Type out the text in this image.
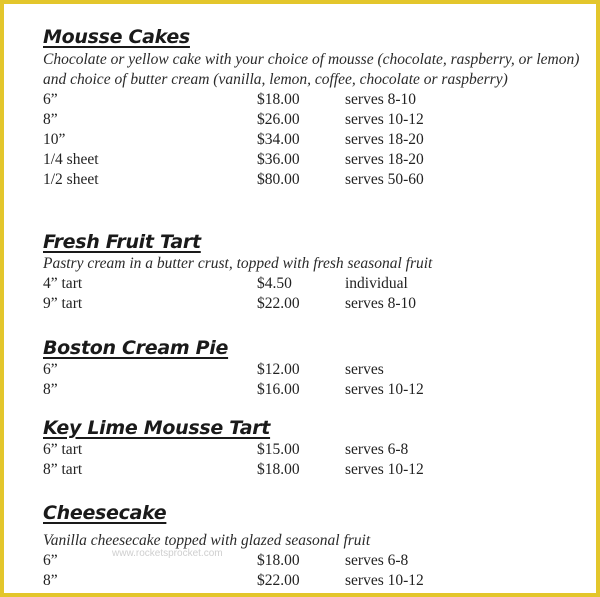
Mousse Cakes
Chocolate or yellow cake with your choice of mousse (chocolate, raspberry, or lemon) and choice of butter cream (vanilla, lemon, coffee, chocolate or raspberry)
6”	$18.00	serves 8-10
8”	$26.00	serves 10-12
10”	$34.00	serves 18-20
1/4 sheet	$36.00	serves 18-20
1/2 sheet	$80.00	serves 50-60
Fresh Fruit Tart
Pastry cream in a butter crust, topped with fresh seasonal fruit
4” tart	$4.50	individual
9” tart	$22.00	serves 8-10
Boston Cream Pie
6”	$12.00	serves
8”	$16.00	serves 10-12
Key Lime Mousse Tart
6” tart	$15.00	serves 6-8
8” tart	$18.00	serves 10-12
Cheesecake
Vanilla cheesecake topped with glazed seasonal fruit
6”	$18.00	serves 6-8
8”	$22.00	serves 10-12
www.rocketsprocket.com
